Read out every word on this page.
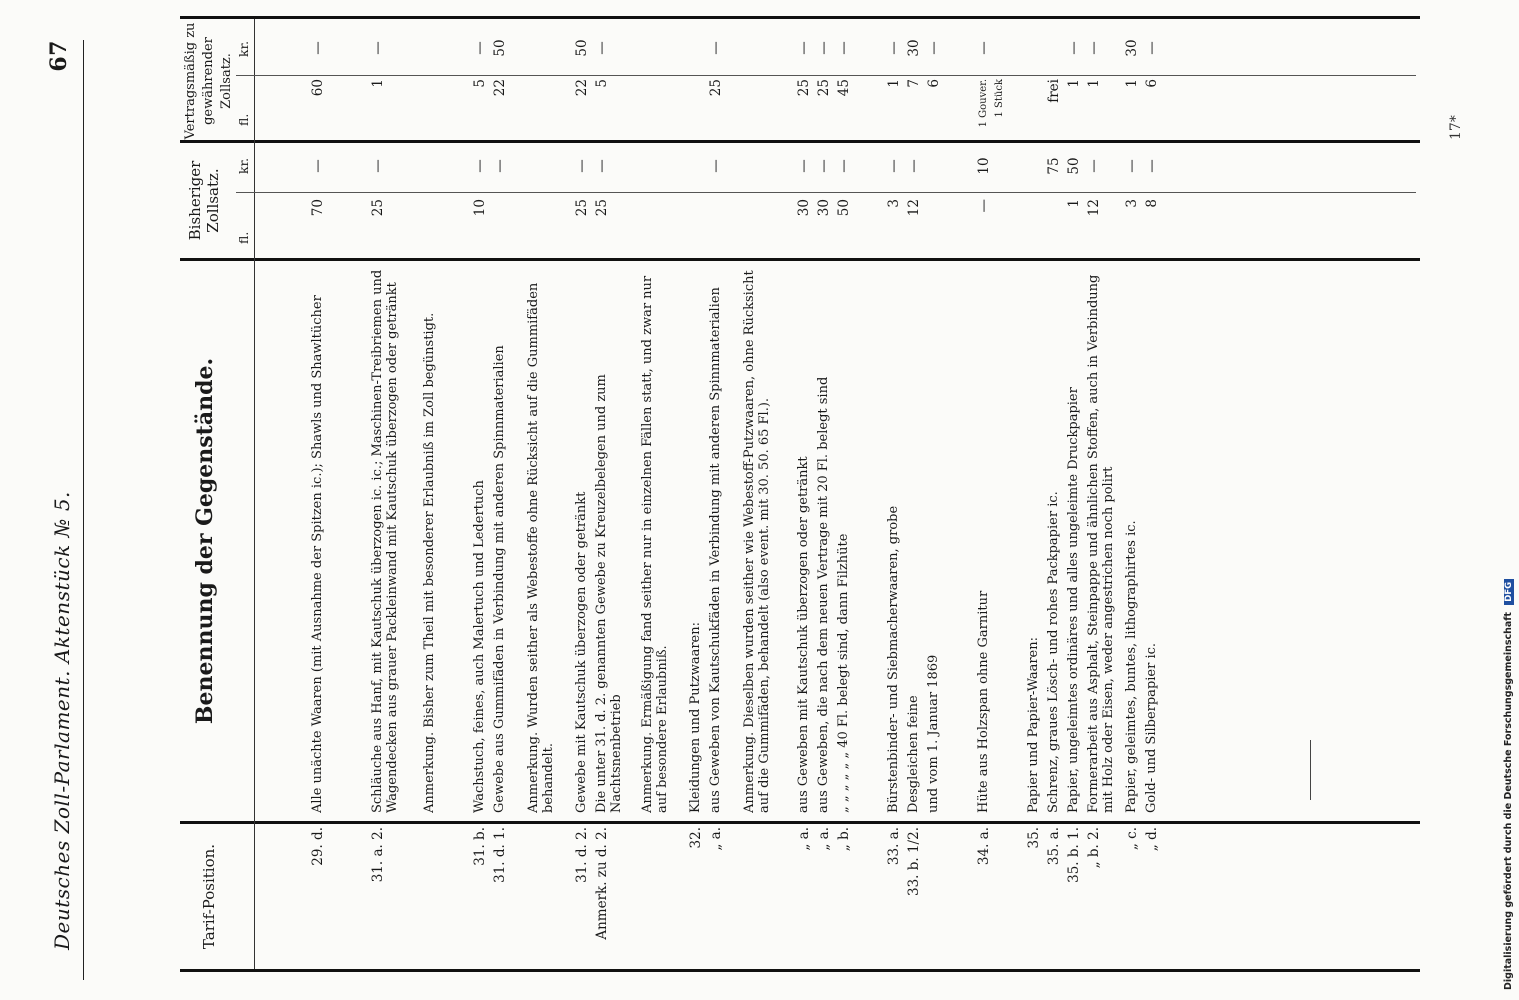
Deutsches Zoll-Parlament. Aktenstück № 5.
67
Tarif-Position.
Benennung der Gegenstände.
Bisheriger Zollsatz.
Vertragsmäßig zu gewährender Zollsatz.
fl.
kr.
fl.
kr.
29. d.
Alle unächte Waaren (mit Ausnahme der Spitzen ic.); Shawls und Shawltücher
70
—
60
—
31. a. 2.
Schläuche aus Hanf, mit Kautschuk überzogen ic. ic.; Maschinen-Treibriemen und Wagendecken aus grauer Packleinwand mit Kautschuk überzogen oder getränkt
25
—
1
—
Anmerkung. Bisher zum Theil mit besonderer Erlaubniß im Zoll begünstigt.
31. b.
Wachstuch, feines, auch Malertuch und Ledertuch
10
—
5
—
31. d. 1.
Gewebe aus Gummifäden in Verbindung mit anderen Spinnmaterialien
—
22
50
Anmerkung. Wurden seither als Webestoffe ohne Rücksicht auf die Gummifäden behandelt.
31. d. 2.
Gewebe mit Kautschuk überzogen oder getränkt
25
—
22
50
Anmerk. zu d. 2.
Die unter 31. d. 2. genannten Gewebe zu Kreuzelbelegen und zum Nachtsnenbetrieb
25
—
5
—
Anmerkung. Ermäßigung fand seither nur in einzelnen Fällen statt, und zwar nur auf besondere Erlaubniß.
32.
Kleidungen und Putzwaaren:
„ a.
aus Geweben von Kautschukfäden in Verbindung mit anderen Spinnmaterialien
—
25
—
Anmerkung. Dieselben wurden seither wie Webestoff-Putzwaaren, ohne Rücksicht auf die Gummifäden, behandelt (also event. mit 30. 50. 65 Fl.).
„ a.
aus Geweben mit Kautschuk überzogen oder getränkt
30
—
25
—
„ a.
aus Geweben, die nach dem neuen Vertrage mit 20 Fl. belegt sind
30
—
25
—
„ b.
„ „ „ „ „ „ 40 Fl. belegt sind, dann Filzhüte
50
—
45
—
33. a.
Bürstenbinder- und Siebmacherwaaren, grobe
3
—
1
—
33. b. 1/2.
Desgleichen feine
12
—
7
30
und vom 1. Januar 1869
6
—
34. a.
Hüte aus Holzspan ohne Garnitur
—
10
1 Gouver. 1 Stück
—
35.
Papier und Papier-Waaren:
35. a.
Schrenz, graues Lösch- und rohes Packpapier ic.
75
frei
35. b. 1.
Papier, ungeleimtes ordinäres und alles ungeleimte Druckpapier
1
50
1
—
„ b. 2.
Formerarbeit aus Asphalt, Steinpappe und ähnlichen Stoffen, auch in Verbindung mit Holz oder Eisen, weder angestrichen noch polirt
12
—
1
—
„ c.
Papier, geleimtes, buntes, lithographirtes ic.
3
—
1
30
„ d.
Gold- und Silberpapier ic.
8
—
6
—
17*
Digitalisierung gefördert durch die Deutsche Forschungsgemeinschaft DFG
